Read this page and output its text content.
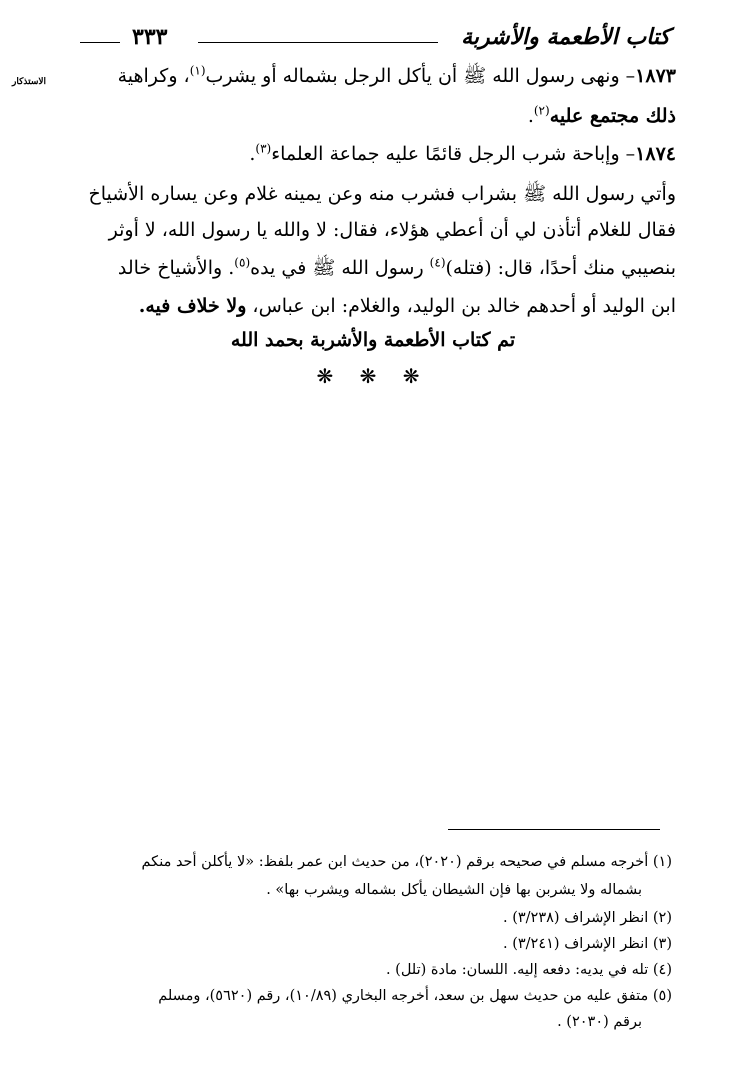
كتاب الأطعمة والأشربة
٣٣٣
الاستذكار	١٨٧٣– ونهى رسول الله ﷺ أن يأكل الرجل بشماله أو يشرب$^{(١)}$، وكراهية
ذلك مجتمع عليه$^{(٢)}$.
١٨٧٤– وإباحة شرب الرجل قائمًا عليه جماعة العلماء$^{(٣)}$.
وأتي رسول الله ﷺ بشراب فشرب منه وعن يمينه غلام وعن يساره الأشياخ
فقال للغلام أتأذن لي أن أعطي هؤلاء، فقال: لا والله يا رسول الله، لا أوثر
بنصيبي منك أحدًا، قال: (فتله)$^{(٤)}$ رسول الله ﷺ في يده$^{(٥)}$. والأشياخ خالد
ابن الوليد أو أحدهم خالد بن الوليد، والغلام: ابن عباس، ولا خلاف فيه.
تم كتاب الأطعمة والأشربة بحمد الله
❋ ❋ ❋
(١) أخرجه مسلم في صحيحه برقم (٢٠٢٠)، من حديث ابن عمر بلفظ: «لا يأكلن أحد منكم
بشماله ولا يشربن بها فإن الشيطان يأكل بشماله ويشرب بها» .
(٢) انظر الإشراف (٣/٢٣٨) .
(٣) انظر الإشراف (٣/٢٤١) .
(٤) تله في يديه: دفعه إليه. اللسان: مادة (تلل) .
(٥) متفق عليه من حديث سهل بن سعد، أخرجه البخاري (١٠/٨٩)، رقم (٥٦٢٠)، ومسلم
برقم (٢٠٣٠) .
